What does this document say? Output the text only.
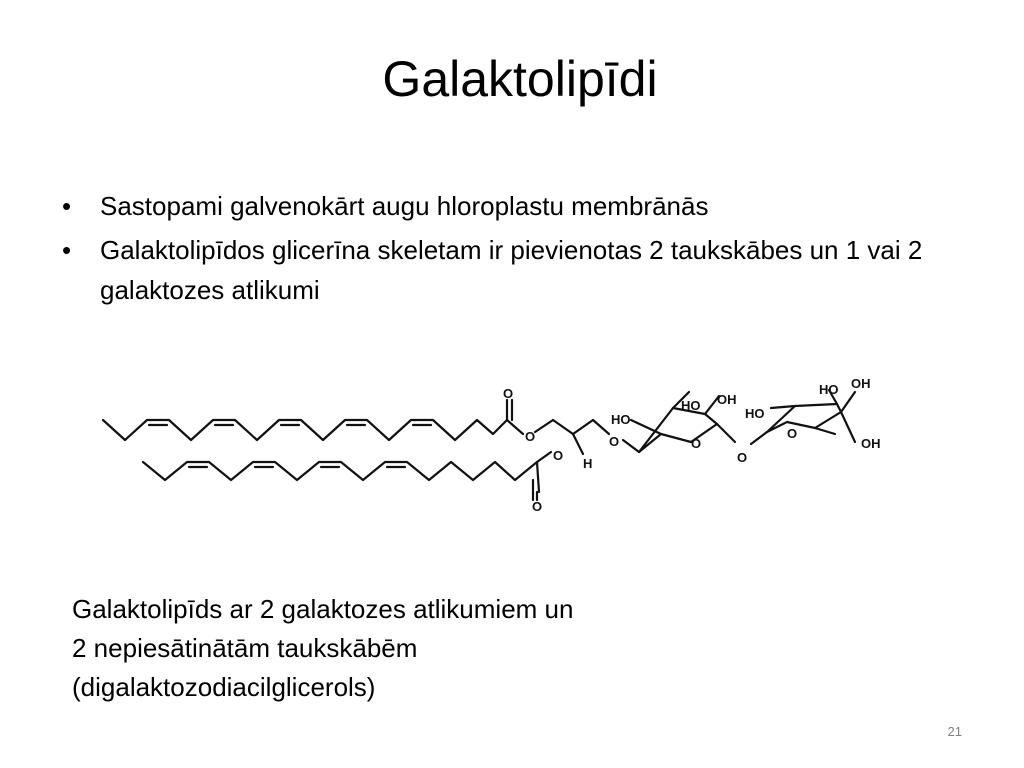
Galaktolipīdi
•	Sastopami galvenokārt augu hloroplastu membrānās
•	Galaktolipīdos glicerīna skeletam ir pievienotas 2 taukskābes un 1 vai 2 galaktozes atlikumi
O
O
O
O
H
O	O
O
O
HO
HO OH
HO
HO OH
OH
Galaktolipīds ar 2 galaktozes atlikumiem un
2 nepiesātinātām taukskābēm
(digalaktozodiacilglicerols)
21
